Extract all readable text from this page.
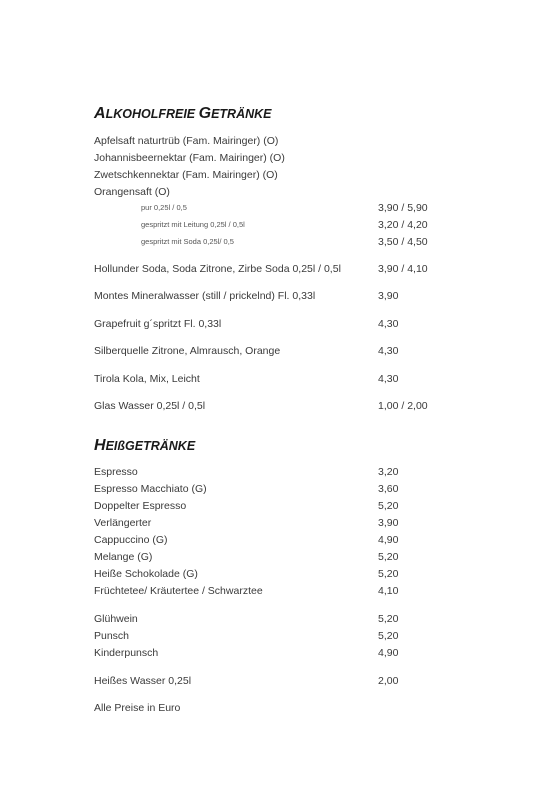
ALKOHOLFREIE GETRÄNKE
Apfelsaft naturtrüb (Fam. Mairinger) (O)
Johannisbeernektar (Fam. Mairinger) (O)
Zwetschkennektar (Fam. Mairinger) (O)
Orangensaft (O)
pur 0,25l / 0,5	3,90 / 5,90
gespritzt mit Leitung 0,25l / 0,5l	3,20 / 4,20
gespritzt mit Soda 0,25l/ 0,5	3,50 / 4,50
Hollunder Soda, Soda Zitrone, Zirbe Soda 0,25l / 0,5l	3,90 / 4,10
Montes Mineralwasser (still / prickelnd) Fl. 0,33l	3,90
Grapefruit g´spritzt Fl. 0,33l	4,30
Silberquelle Zitrone, Almrausch, Orange	4,30
Tirola Kola, Mix, Leicht	4,30
Glas Wasser 0,25l / 0,5l	1,00 / 2,00
HEIßGETRÄNKE
Espresso	3,20
Espresso Macchiato (G)	3,60
Doppelter Espresso	5,20
Verlängerter	3,90
Cappuccino (G)	4,90
Melange (G)	5,20
Heiße Schokolade (G)	5,20
Früchtetee/ Kräutertee / Schwarztee	4,10
Glühwein	5,20
Punsch	5,20
Kinderpunsch	4,90
Heißes Wasser 0,25l	2,00
Alle Preise in Euro
